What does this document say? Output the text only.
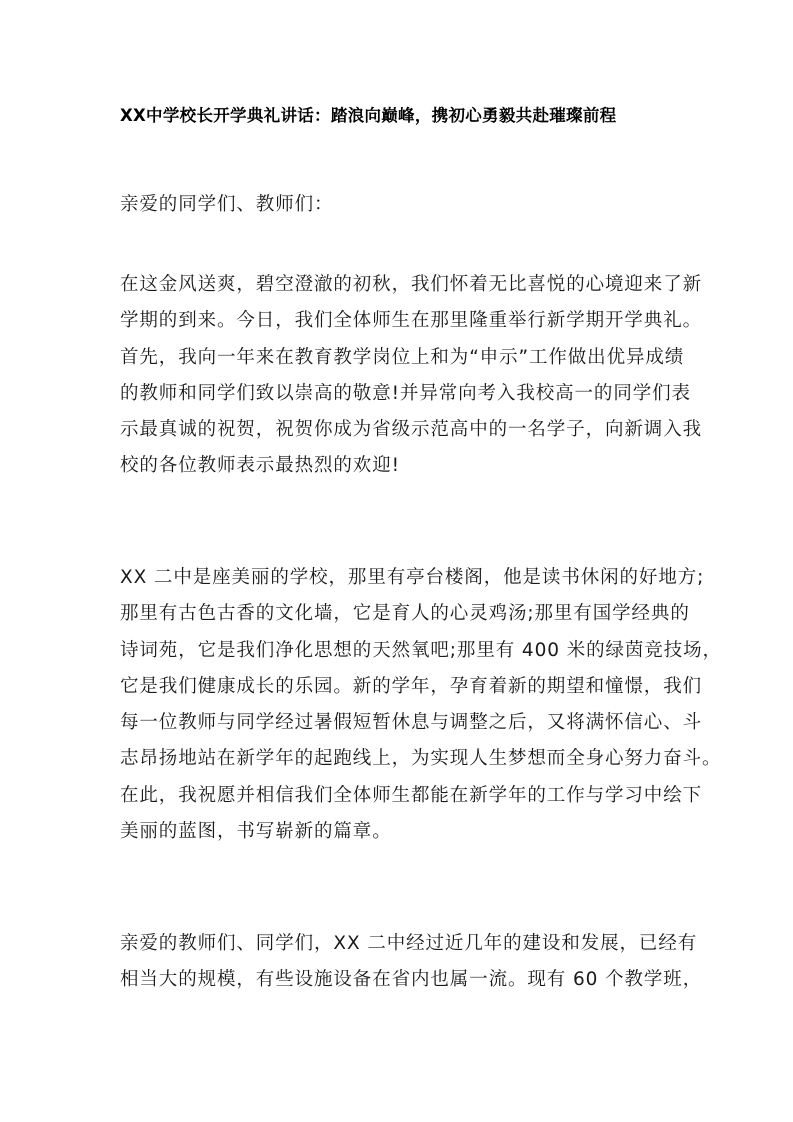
XX中学校长开学典礼讲话：踏浪向巅峰，携初心勇毅共赴璀璨前程
亲爱的同学们、教师们：
在这金风送爽，碧空澄澈的初秋，我们怀着无比喜悦的心境迎来了新
学期的到来。今日，我们全体师生在那里隆重举行新学期开学典礼。
首先，我向一年来在教育教学岗位上和为“申示”工作做出优异成绩
的教师和同学们致以崇高的敬意!并异常向考入我校高一的同学们表
示最真诚的祝贺，祝贺你成为省级示范高中的一名学子，向新调入我
校的各位教师表示最热烈的欢迎!
XX 二中是座美丽的学校，那里有亭台楼阁，他是读书休闲的好地方;
那里有古色古香的文化墙，它是育人的心灵鸡汤;那里有国学经典的
诗词苑，它是我们净化思想的天然氧吧;那里有 400 米的绿茵竞技场，
它是我们健康成长的乐园。新的学年，孕育着新的期望和憧憬，我们
每一位教师与同学经过暑假短暂休息与调整之后，又将满怀信心、斗
志昂扬地站在新学年的起跑线上，为实现人生梦想而全身心努力奋斗。
在此，我祝愿并相信我们全体师生都能在新学年的工作与学习中绘下
美丽的蓝图，书写崭新的篇章。
亲爱的教师们、同学们，XX 二中经过近几年的建设和发展，已经有
相当大的规模，有些设施设备在省内也属一流。现有 60 个教学班，
